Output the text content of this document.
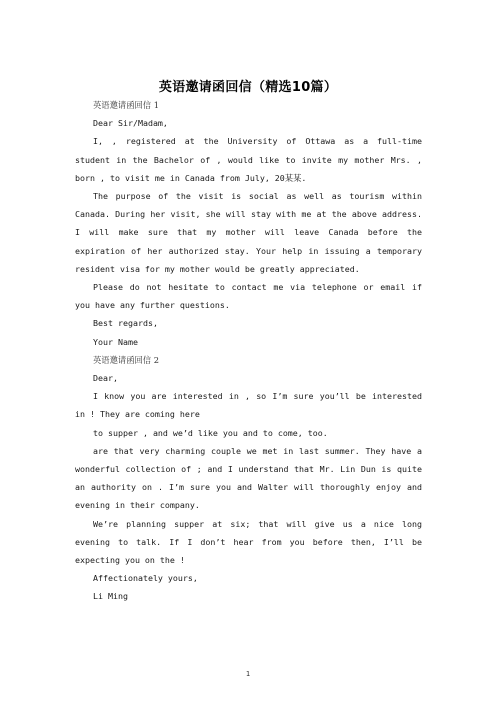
英语邀请函回信（精选10篇）

英语邀请函回信 1

Dear Sir/Madam,

I, , registered at the University of Ottawa as a full-time student in the Bachelor of , would like to invite my mother Mrs. , born , to visit me in Canada from July, 20某某.

The purpose of the visit is social as well as tourism within Canada. During her visit, she will stay with me at the above address. I will make sure that my mother will leave Canada before the expiration of her authorized stay. Your help in issuing a temporary resident visa for my mother would be greatly appreciated.

Please do not hesitate to contact me via telephone or email if you have any further questions.

Best regards,

Your Name

英语邀请函回信 2

Dear,

I know you are interested in , so I’m sure you’ll be interested in ! They are coming here

to supper , and we’d like you and to come, too.

are that very charming couple we met in last summer. They have a wonderful collection of ; and I understand that Mr. Lin Dun is quite an authority on . I’m sure you and Walter will thoroughly enjoy and evening in their company.

We’re planning supper at six; that will give us a nice long evening to talk. If I don’t hear from you before then, I’ll be expecting you on the !

Affectionately yours,

Li Ming

1
